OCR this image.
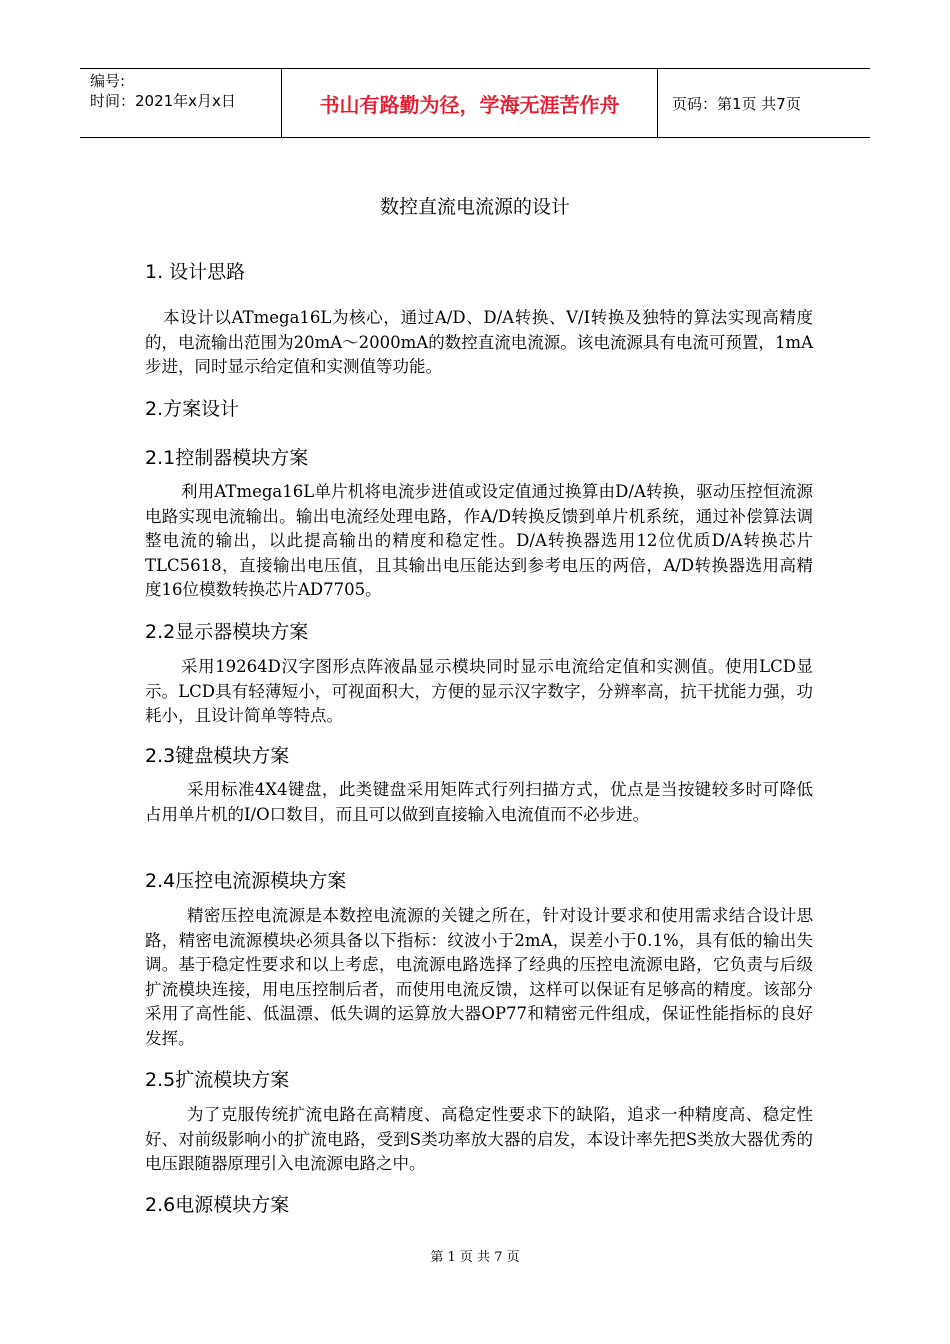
编号:
时间：2021年x月x日	书山有路勤为径，学海无涯苦作舟	页码：第1页 共7页
数控直流电流源的设计
1. 设计思路
本设计以ATmega16L为核心，通过A/D、D/A转换、V/I转换及独特的算法实现高精度的，电流输出范围为20mA～2000mA的数控直流电流源。该电流源具有电流可预置，1mA步进，同时显示给定值和实测值等功能。
2.方案设计
2.1控制器模块方案
利用ATmega16L单片机将电流步进值或设定值通过换算由D/A转换，驱动压控恒流源电路实现电流输出。输出电流经处理电路，作A/D转换反馈到单片机系统，通过补偿算法调整电流的输出，以此提高输出的精度和稳定性。D/A转换器选用12位优质D/A转换芯片　TLC5618，直接输出电压值，且其输出电压能达到参考电压的两倍，A/D转换器选用高精度16位模数转换芯片AD7705。
2.2显示器模块方案
采用19264D汉字图形点阵液晶显示模块同时显示电流给定值和实测值。使用LCD显示。LCD具有轻薄短小，可视面积大，方便的显示汉字数字，分辨率高，抗干扰能力强，功耗小，且设计简单等特点。
2.3键盘模块方案
采用标准4X4键盘，此类键盘采用矩阵式行列扫描方式，优点是当按键较多时可降低占用单片机的I/O口数目，而且可以做到直接输入电流值而不必步进。
2.4压控电流源模块方案
精密压控电流源是本数控电流源的关键之所在，针对设计要求和使用需求结合设计思路，精密电流源模块必须具备以下指标：纹波小于2mA，误差小于0.1%，具有低的输出失调。基于稳定性要求和以上考虑，电流源电路选择了经典的压控电流源电路，它负责与后级扩流模块连接，用电压控制后者，而使用电流反馈，这样可以保证有足够高的精度。该部分采用了高性能、低温漂、低失调的运算放大器OP77和精密元件组成，保证性能指标的良好发挥。
2.5扩流模块方案
为了克服传统扩流电路在高精度、高稳定性要求下的缺陷，追求一种精度高、稳定性好、对前级影响小的扩流电路，受到S类功率放大器的启发，本设计率先把S类放大器优秀的电压跟随器原理引入电流源电路之中。
2.6电源模块方案
第 1 页 共 7 页
